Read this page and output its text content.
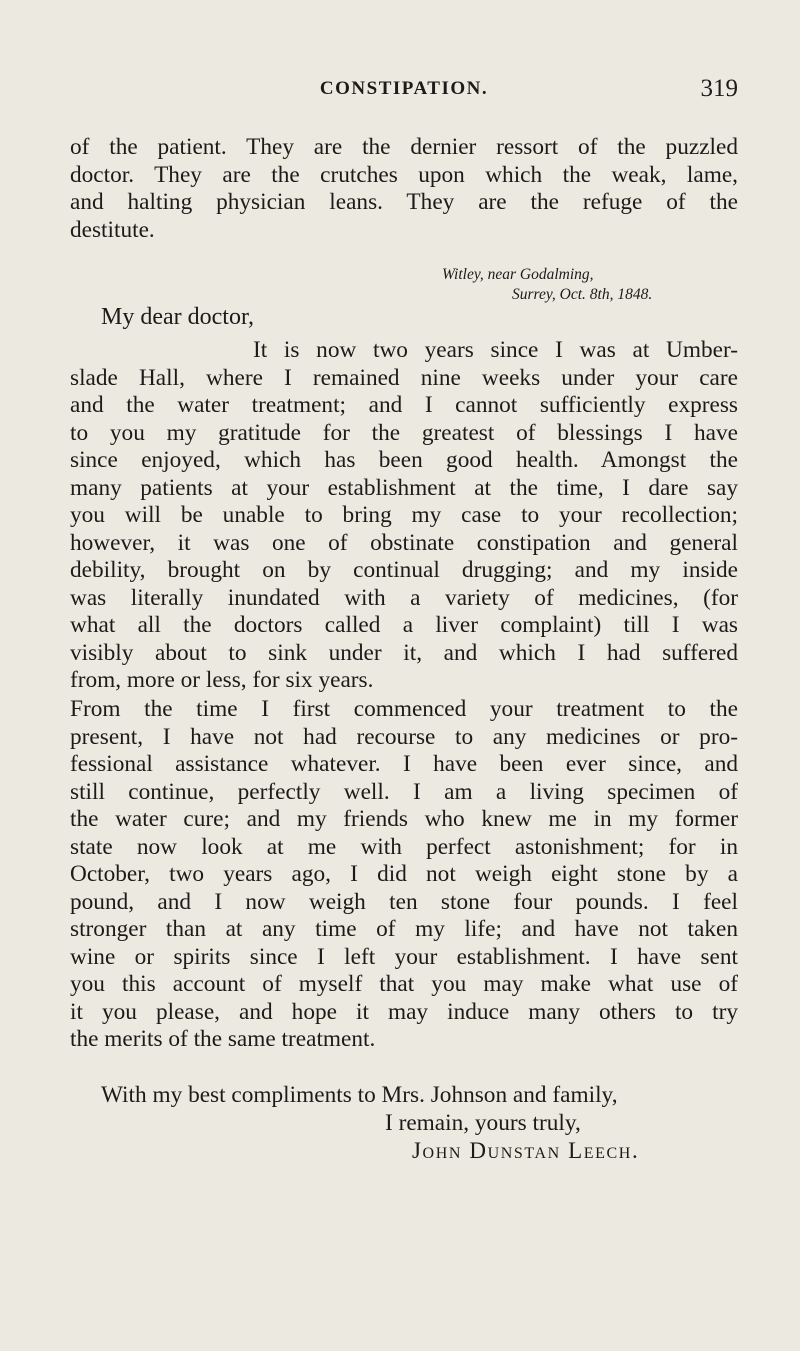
CONSTIPATION.	319
of the patient. They are the dernier ressort of the puzzled
doctor. They are the crutches upon which the weak, lame,
and halting physician leans. They are the refuge of the
destitute.
Witley, near Godalming,
Surrey, Oct. 8th, 1848.
My dear doctor,
It is now two years since I was at Umber-
slade Hall, where I remained nine weeks under your care
and the water treatment; and I cannot sufficiently express
to you my gratitude for the greatest of blessings I have
since enjoyed, which has been good health. Amongst the
many patients at your establishment at the time, I dare say
you will be unable to bring my case to your recollection;
however, it was one of obstinate constipation and general
debility, brought on by continual drugging; and my inside
was literally inundated with a variety of medicines, (for
what all the doctors called a liver complaint) till I was
visibly about to sink under it, and which I had suffered
from, more or less, for six years.
From the time I first commenced your treatment to the
present, I have not had recourse to any medicines or pro-
fessional assistance whatever. I have been ever since, and
still continue, perfectly well. I am a living specimen of
the water cure; and my friends who knew me in my former
state now look at me with perfect astonishment; for in
October, two years ago, I did not weigh eight stone by a
pound, and I now weigh ten stone four pounds. I feel
stronger than at any time of my life; and have not taken
wine or spirits since I left your establishment. I have sent
you this account of myself that you may make what use of
it you please, and hope it may induce many others to try
the merits of the same treatment.
With my best compliments to Mrs. Johnson and family,
I remain, yours truly,
John Dunstan Leech.
